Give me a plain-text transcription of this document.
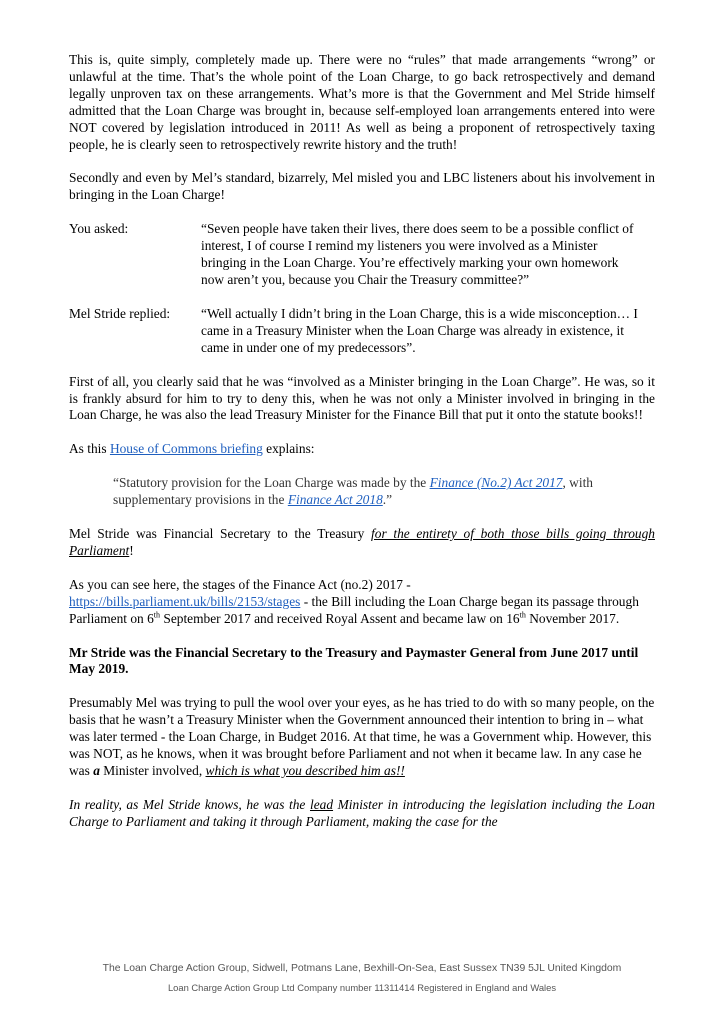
This is, quite simply, completely made up. There were no “rules” that made arrangements “wrong” or unlawful at the time. That’s the whole point of the Loan Charge, to go back retrospectively and demand legally unproven tax on these arrangements. What’s more is that the Government and Mel Stride himself admitted that the Loan Charge was brought in, because self-employed loan arrangements entered into were NOT covered by legislation introduced in 2011! As well as being a proponent of retrospectively taxing people, he is clearly seen to retrospectively rewrite history and the truth!

Secondly and even by Mel’s standard, bizarrely, Mel misled you and LBC listeners about his involvement in bringing in the Loan Charge!

You asked:	“Seven people have taken their lives, there does seem to be a possible conflict of interest, I of course I remind my listeners you were involved as a Minister bringing in the Loan Charge. You’re effectively marking your own homework now aren’t you, because you Chair the Treasury committee?”
Mel Stride replied:	“Well actually I didn’t bring in the Loan Charge, this is a wide misconception… I came in a Treasury Minister when the Loan Charge was already in existence, it came in under one of my predecessors”.

First of all, you clearly said that he was “involved as a Minister bringing in the Loan Charge”. He was, so it is frankly absurd for him to try to deny this, when he was not only a Minister involved in bringing in the Loan Charge, he was also the lead Treasury Minister for the Finance Bill that put it onto the statute books!!

As this House of Commons briefing explains:

“Statutory provision for the Loan Charge was made by the Finance (No.2) Act 2017, with supplementary provisions in the Finance Act 2018.”

Mel Stride was Financial Secretary to the Treasury for the entirety of both those bills going through Parliament!

As you can see here, the stages of the Finance Act (no.2) 2017 -
https://bills.parliament.uk/bills/2153/stages - the Bill including the Loan Charge began its passage through Parliament on 6th September 2017 and received Royal Assent and became law on 16th November 2017.

Mr Stride was the Financial Secretary to the Treasury and Paymaster General from June 2017 until May 2019.

Presumably Mel was trying to pull the wool over your eyes, as he has tried to do with so many people, on the basis that he wasn’t a Treasury Minister when the Government announced their intention to bring in – what was later termed - the Loan Charge, in Budget 2016. At that time, he was a Government whip. However, this was NOT, as he knows, when it was brought before Parliament and not when it became law. In any case he was a Minister involved, which is what you described him as!!

In reality, as Mel Stride knows, he was the lead Minister in introducing the legislation including the Loan Charge to Parliament and taking it through Parliament, making the case for the

The Loan Charge Action Group, Sidwell, Potmans Lane, Bexhill-On-Sea, East Sussex TN39 5JL United Kingdom
Loan Charge Action Group Ltd Company number 11311414 Registered in England and Wales
